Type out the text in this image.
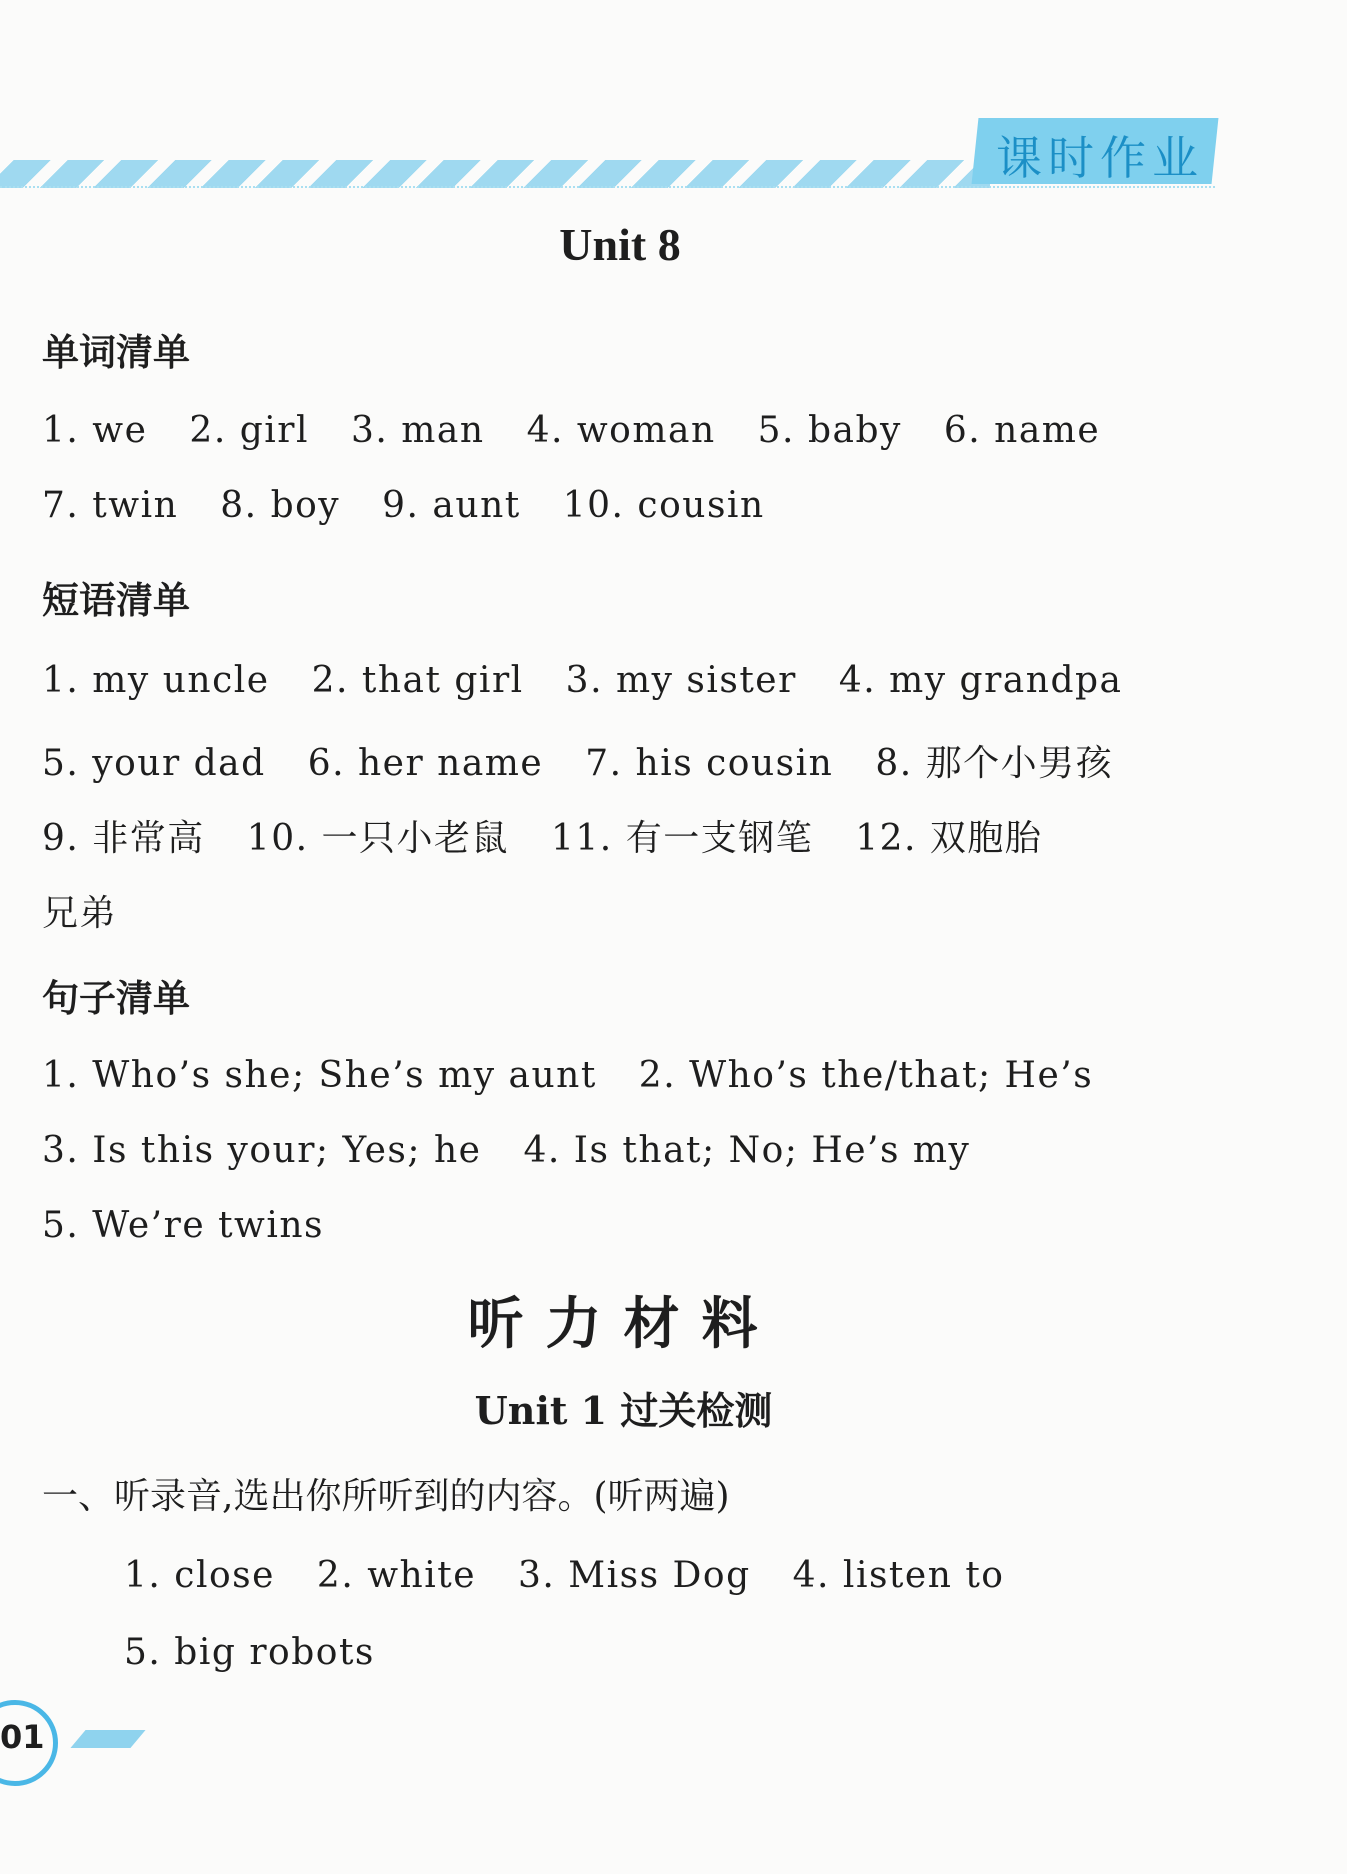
课时作业
Unit 8
单词清单
1. we 2. girl 3. man 4. woman 5. baby 6. name
7. twin 8. boy 9. aunt 10. cousin
短语清单
1. my uncle 2. that girl 3. my sister 4. my grandpa
5. your dad 6. her name 7. his cousin 8. 那个小男孩
9. 非常高 10. 一只小老鼠 11. 有一支钢笔 12. 双胞胎
兄弟
句子清单
1. Who’s she; She’s my aunt 2. Who’s the/that; He’s
3. Is this your; Yes; he 4. Is that; No; He’s my
5. We’re twins
听力材料
Unit 1 过关检测
一、听录音,选出你所听到的内容。(听两遍)
1. close 2. white 3. Miss Dog 4. listen to
5. big robots
01
